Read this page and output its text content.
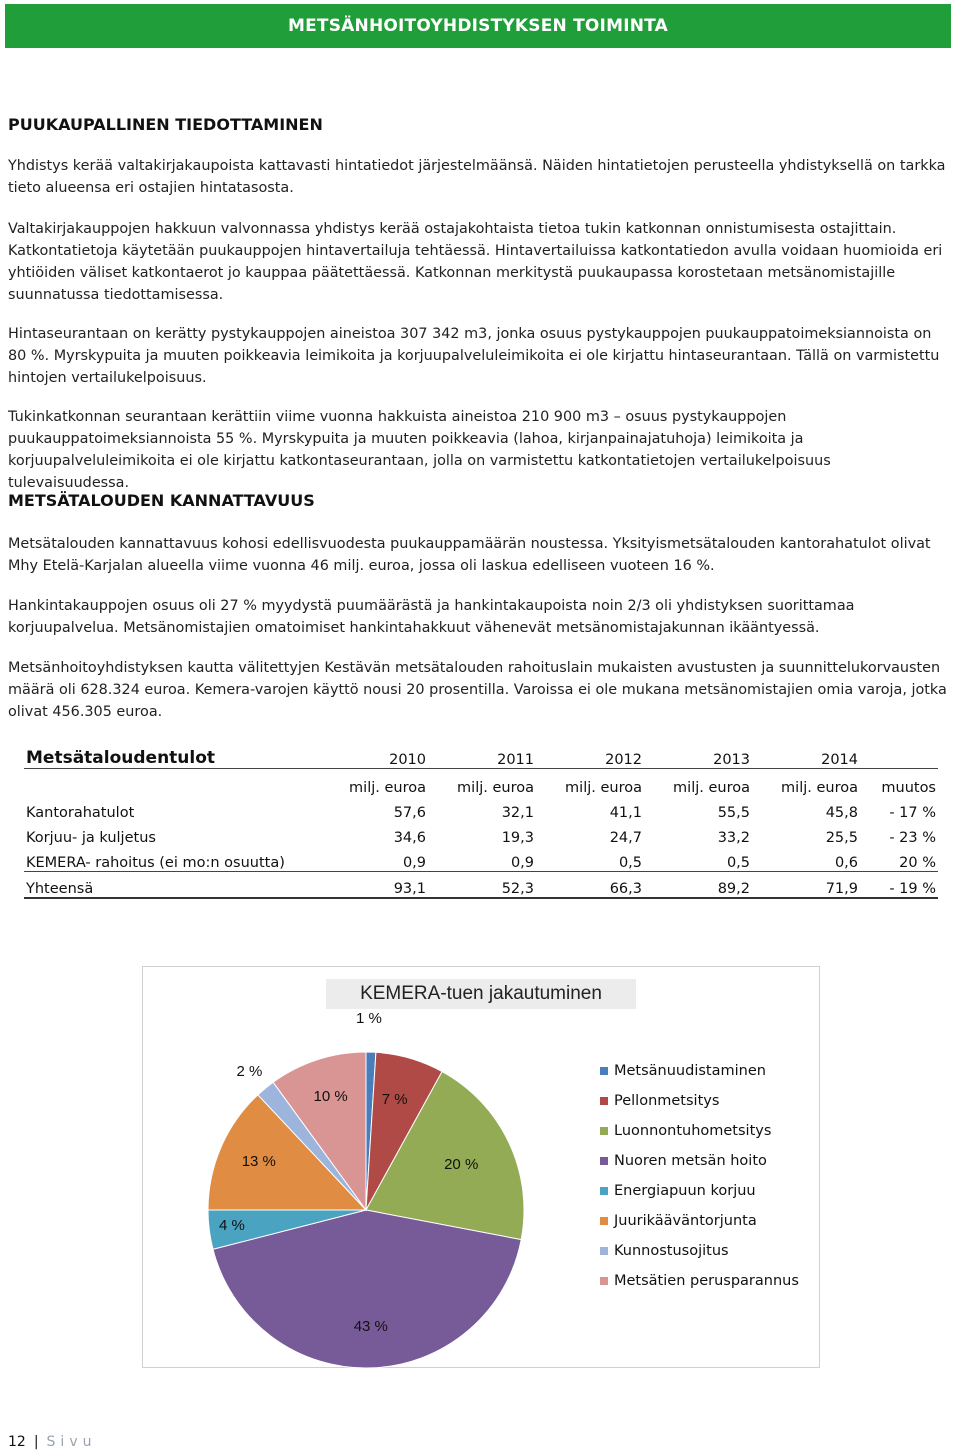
METSÄNHOITOYHDISTYKSEN TOIMINTA
PUUKAUPALLINEN TIEDOTTAMINEN

Yhdistys kerää valtakirjakaupoista kattavasti hintatiedot järjestelmäänsä. Näiden hintatietojen perusteella yhdistyksellä on tarkka tieto alueensa eri ostajien hintatasosta.

Valtakirjakauppojen hakkuun valvonnassa yhdistys kerää ostajakohtaista tietoa tukin katkonnan onnistumisesta ostajittain. Katkontatietoja käytetään puukauppojen hintavertailuja tehtäessä. Hintavertailuissa katkontatiedon avulla voidaan huomioida eri yhtiöiden väliset katkontaerot jo kauppaa päätettäessä. Katkonnan merkitystä puukaupassa korostetaan metsänomistajille suunnatussa tiedottamisessa.

Hintaseurantaan on kerätty pystykauppojen aineistoa 307 342 m3, jonka osuus pystykauppojen puukauppatoimeksiannoista on 80 %. Myrskypuita ja muuten poikkeavia leimikoita ja korjuupalveluleimikoita ei ole kirjattu hintaseurantaan. Tällä on varmistettu hintojen vertailukelpoisuus.

Tukinkatkonnan seurantaan kerättiin viime vuonna hakkuista aineistoa 210 900 m3 – osuus pystykauppojen puukauppatoimeksiannoista 55 %. Myrskypuita ja muuten poikkeavia (lahoa, kirjanpainajatuhoja) leimikoita ja korjuupalveluleimikoita ei ole kirjattu katkontaseurantaan, jolla on varmistettu katkontatietojen vertailukelpoisuus tulevaisuudessa.

METSÄTALOUDEN KANNATTAVUUS

Metsätalouden kannattavuus kohosi edellisvuodesta puukauppamäärän noustessa. Yksityismetsätalouden kantorahatulot olivat Mhy Etelä-Karjalan alueella viime vuonna 46 milj. euroa, jossa oli laskua edelliseen vuoteen 16 %.

Hankintakauppojen osuus oli 27 % myydystä puumäärästä ja hankintakaupoista noin 2/3 oli yhdistyksen suorittamaa korjuupalvelua. Metsänomistajien omatoimiset hankintahakkuut vähenevät metsänomistajakunnan ikääntyessä.

Metsänhoitoyhdistyksen kautta välitettyjen Kestävän metsätalouden rahoituslain mukaisten avustusten ja suunnittelukorvausten määrä oli 628.324 euroa. Kemera-varojen käyttö nousi 20 prosentilla. Varoissa ei ole mukana metsänomistajien omia varoja, jotka olivat 456.305 euroa.

Metsätaloudentulot	2010	2011	2012	2013	2014	
	milj. euroa	milj. euroa	milj. euroa	milj. euroa	milj. euroa	muutos
Kantorahatulot	57,6	32,1	41,1	55,5	45,8	- 17 %
Korjuu- ja kuljetus	34,6	19,3	24,7	33,2	25,5	- 23 %
KEMERA- rahoitus (ei mo:n osuutta)	0,9	0,9	0,5	0,5	0,6	20 %
Yhteensä	93,1	52,3	66,3	89,2	71,9	- 19 %
KEMERA-tuen jakautuminen
1 %
7 %
20 %
43 %
4 %
13 %
2 %
10 %
Metsänuudistaminen
Pellonmetsitys
Luonnontuhometsitys
Nuoren metsän hoito
Energiapuun korjuu
Juurikääväntorjunta
Kunnostusojitus
Metsätien perusparannus
12 | Sivu
